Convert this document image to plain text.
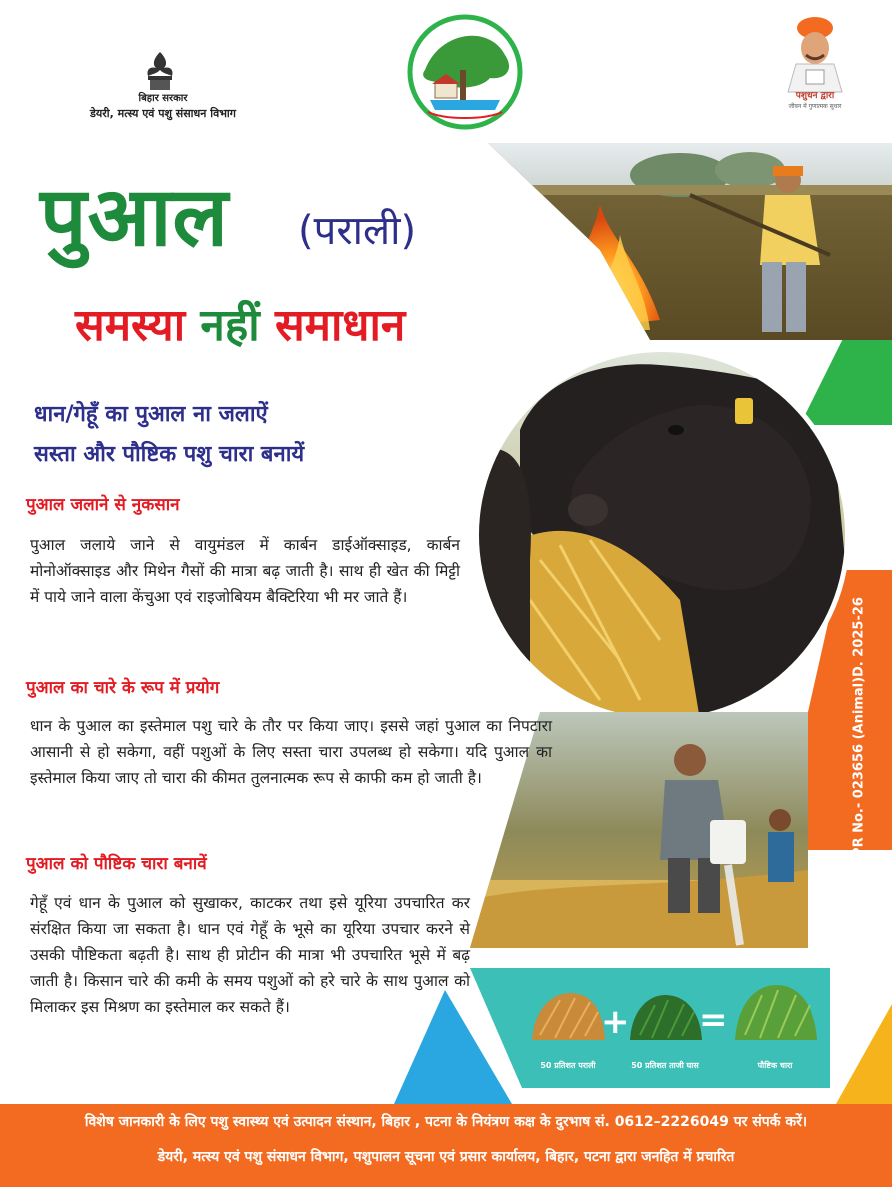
बिहार सरकार
डेयरी, मत्स्य एवं पशु संसाधन विभाग
पशुधन द्वारा
जीवन में गुणात्मक सुधार
पुआल (पराली)
समस्या नहीं समाधान
धान/गेहूँ का पुआल ना जलाऐं
सस्ता और पौष्टिक पशु चारा बनायें
पुआल जलाने से नुकसान
पुआल जलाये जाने से वायुमंडल में कार्बन डाईऑक्साइड, कार्बन मोनोऑक्साइड और मिथेन गैसों की मात्रा बढ़ जाती है। साथ ही खेत की मिट्टी में पाये जाने वाला केंचुआ एवं राइजोबियम बैक्टिरिया भी मर जाते हैं।
पुआल का चारे के रूप में प्रयोग
धान के पुआल का इस्तेमाल पशु चारे के तौर पर किया जाए। इससे जहां पुआल का निपटारा आसानी से हो सकेगा, वहीं पशुओं के लिए सस्ता चारा उपलब्ध हो सकेगा। यदि पुआल का इस्तेमाल किया जाए तो चारा की कीमत तुलनात्मक रूप से काफी कम हो जाती है।
पुआल को पौष्टिक चारा बनावें
गेहूँ एवं धान के पुआल को सुखाकर, काटकर तथा इसे यूरिया उपचारित कर संरक्षित किया जा सकता है। धान एवं गेहूँ के भूसे का यूरिया उपचार करने से उसकी पौष्टिकता बढ़ती है। साथ ही प्रोटीन की मात्रा भी उपचारित भूसे में बढ़ जाती है। किसान चारे की कमी के समय पशुओं को हरे चारे के साथ पुआल को मिलाकर इस मिश्रण का इस्तेमाल कर सकते हैं।
PR No.- 023656 (Animal)D. 2025-26
50 प्रतिशत पराली
+
50 प्रतिशत ताजी घास
=
पौष्टिक चारा
विशेष जानकारी के लिए पशु स्वास्थ्य एवं उत्पादन संस्थान, बिहार , पटना के नियंत्रण कक्ष के दुरभाष सं. 0612–2226049 पर संपर्क करें।
डेयरी, मत्स्य एवं पशु संसाधन विभाग, पशुपालन सूचना एवं प्रसार कार्यालय, बिहार, पटना द्वारा जनहित में प्रचारित
